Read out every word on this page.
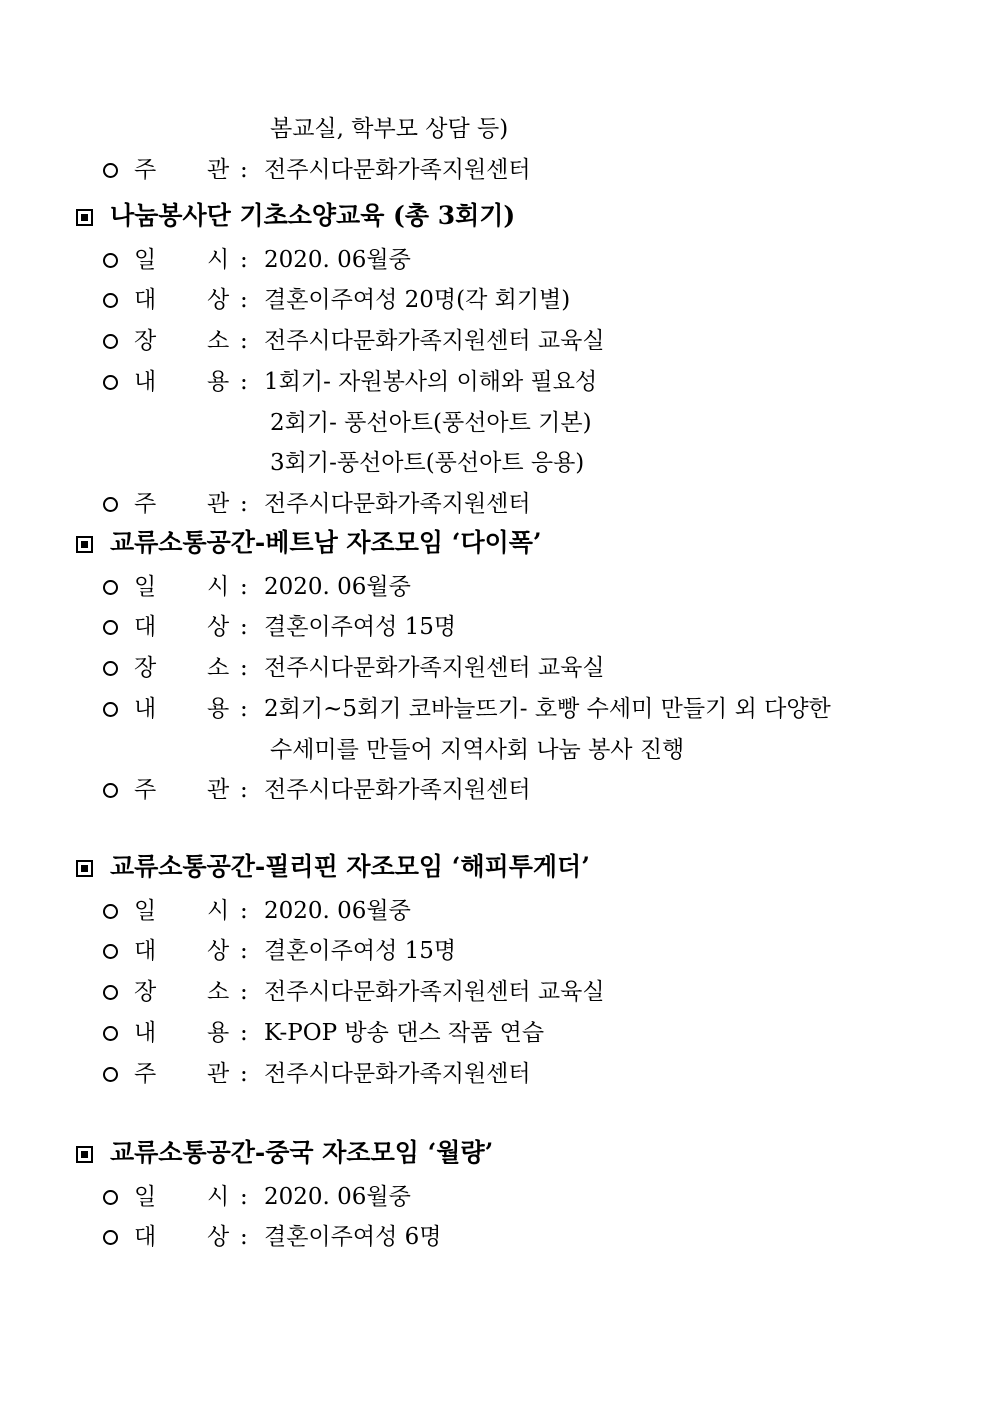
봄교실, 학부모 상담 등)
주 관 : 전주시다문화가족지원센터
나눔봉사단 기초소양교육 (총 3회기)
일 시 : 2020. 06월중
대 상 : 결혼이주여성 20명(각 회기별)
장 소 : 전주시다문화가족지원센터 교육실
내 용 : 1회기- 자원봉사의 이해와 필요성
2회기- 풍선아트(풍선아트 기본)
3회기-풍선아트(풍선아트 응용)
주 관 : 전주시다문화가족지원센터
교류소통공간-베트남 자조모임 ‘다이폭’
일 시 : 2020. 06월중
대 상 : 결혼이주여성 15명
장 소 : 전주시다문화가족지원센터 교육실
내 용 : 2회기~5회기 코바늘뜨기- 호빵 수세미 만들기 외 다양한
수세미를 만들어 지역사회 나눔 봉사 진행
주 관 : 전주시다문화가족지원센터
교류소통공간-필리핀 자조모임 ‘해피투게더’
일 시 : 2020. 06월중
대 상 : 결혼이주여성 15명
장 소 : 전주시다문화가족지원센터 교육실
내 용 : K-POP 방송 댄스 작품 연습
주 관 : 전주시다문화가족지원센터
교류소통공간-중국 자조모임 ‘월량’
일 시 : 2020. 06월중
대 상 : 결혼이주여성 6명
